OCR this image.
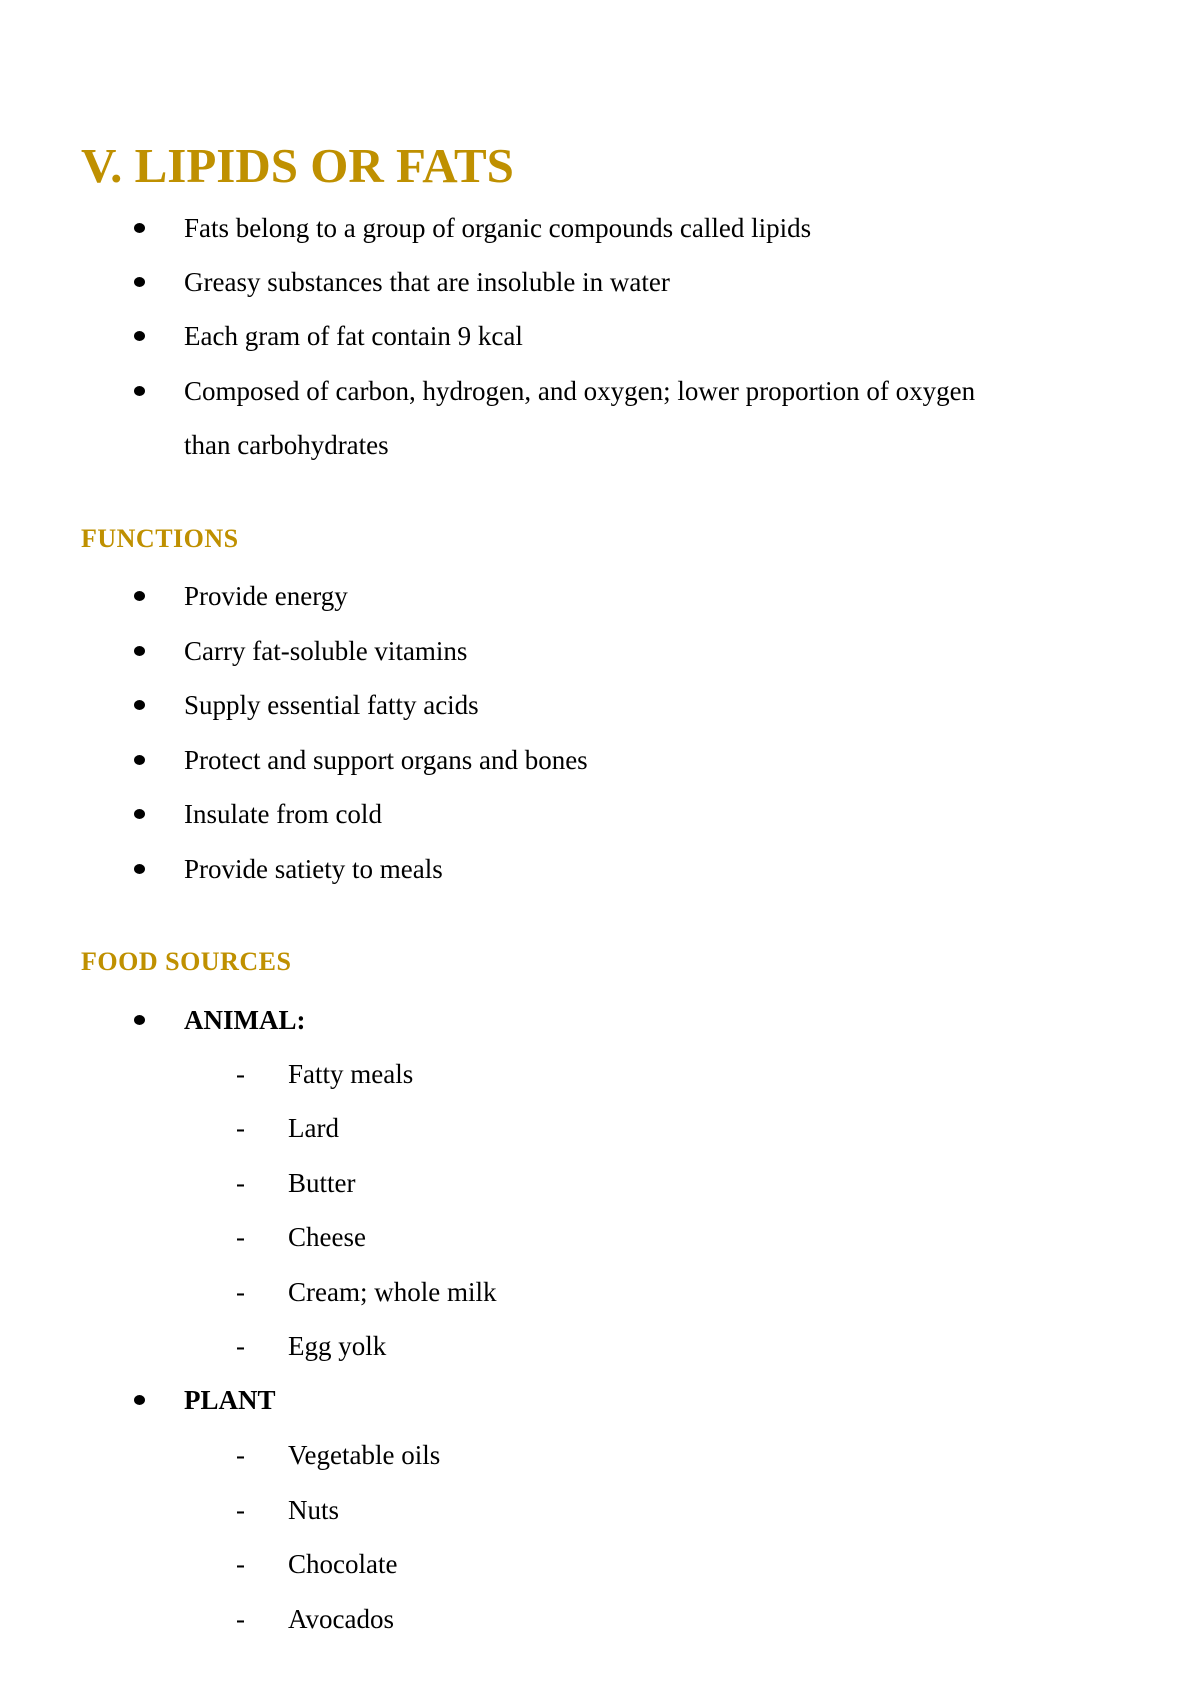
V. LIPIDS OR FATS
Fats belong to a group of organic compounds called lipids
Greasy substances that are insoluble in water
Each gram of fat contain 9 kcal
Composed of carbon, hydrogen, and oxygen; lower proportion of oxygen
than carbohydrates
FUNCTIONS
Provide energy
Carry fat-soluble vitamins
Supply essential fatty acids
Protect and support organs and bones
Insulate from cold
Provide satiety to meals
FOOD SOURCES
ANIMAL:
- Fatty meals
- Lard
- Butter
- Cheese
- Cream; whole milk
- Egg yolk
PLANT
- Vegetable oils
- Nuts
- Chocolate
- Avocados
